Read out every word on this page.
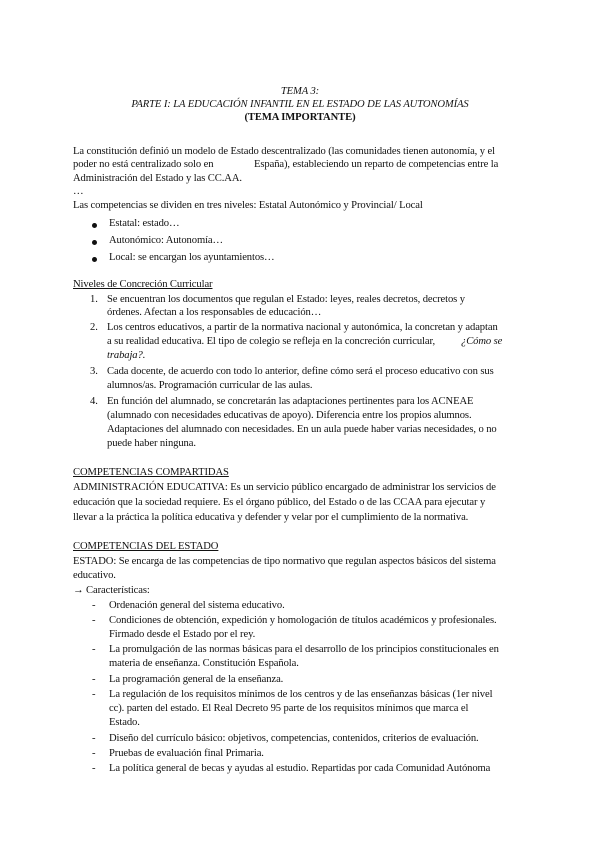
TEMA 3:
PARTE I: LA EDUCACIÓN INFANTIL EN EL ESTADO DE LAS AUTONOMÍAS
(TEMA IMPORTANTE)
La constitución definió un modelo de Estado descentralizado (las comunidades tienen autonomía, y el
poder no está centralizado solo en	España), estableciendo un reparto de competencias entre la
Administración del Estado y las CC.AA.
…
Las competencias se dividen en tres niveles: Estatal Autonómico y Provincial/ Local
Estatal: estado…
Autonómico: Autonomía…
Local: se encargan los ayuntamientos…
Niveles de Concreción Curricular
1. Se encuentran los documentos que regulan el Estado: leyes, reales decretos, decretos y
órdenes. Afectan a los responsables de educación…
2. Los centros educativos, a partir de la normativa nacional y autonómica, la concretan y adaptan
a su realidad educativa. El tipo de colegio se refleja en la concreción curricular, ¿Cómo se
trabaja?.
3. Cada docente, de acuerdo con todo lo anterior, define cómo será el proceso educativo con sus
alumnos/as. Programación curricular de las aulas.
4. En función del alumnado, se concretarán las adaptaciones pertinentes para los ACNEAE
(alumnado con necesidades educativas de apoyo). Diferencia entre los propios alumnos.
Adaptaciones del alumnado con necesidades. En un aula puede haber varias necesidades, o no
puede haber ninguna.
COMPETENCIAS COMPARTIDAS
ADMINISTRACIÓN EDUCATIVA: Es un servicio público encargado de administrar los servicios de
educación que la sociedad requiere. Es el órgano público, del Estado o de las CCAA para ejecutar y
llevar a la práctica la política educativa y defender y velar por el cumplimiento de la normativa.
COMPETENCIAS DEL ESTADO
ESTADO: Se encarga de las competencias de tipo normativo que regulan aspectos básicos del sistema
educativo.
→ Características:
- Ordenación general del sistema educativo.
- Condiciones de obtención, expedición y homologación de títulos académicos y profesionales.
Firmado desde el Estado por el rey.
- La promulgación de las normas básicas para el desarrollo de los principios constitucionales en
materia de enseñanza. Constitución Española.
- La programación general de la enseñanza.
- La regulación de los requisitos mínimos de los centros y de las enseñanzas básicas (1er nivel
cc). parten del estado. El Real Decreto 95 parte de los requisitos mínimos que marca el
Estado.
- Diseño del currículo básico: objetivos, competencias, contenidos, criterios de evaluación.
- Pruebas de evaluación final Primaria.
- La política general de becas y ayudas al estudio. Repartidas por cada Comunidad Autónoma
